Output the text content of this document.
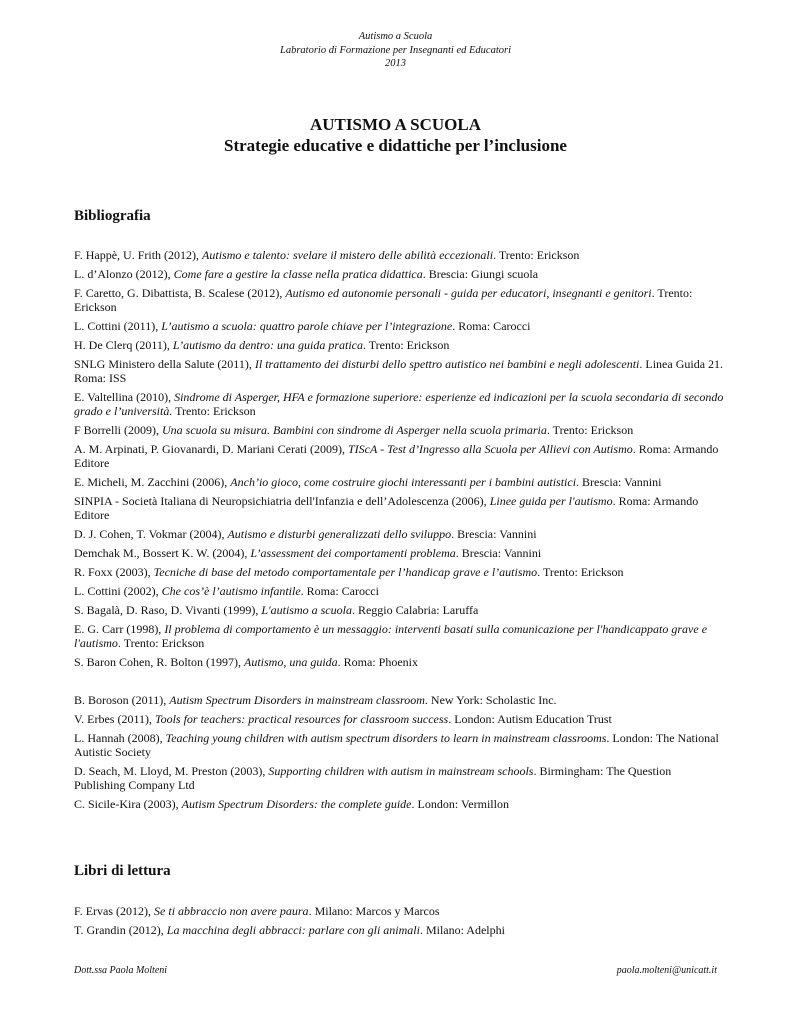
Autismo a Scuola
Labratorio di Formazione per Insegnanti ed Educatori
2013
AUTISMO A SCUOLA
Strategie educative e didattiche per l’inclusione
Bibliografia
F. Happè, U. Frith (2012), Autismo e talento: svelare il mistero delle abilità eccezionali. Trento: Erickson
L. d’Alonzo (2012), Come fare a gestire la classe nella pratica didattica. Brescia: Giungi scuola
F. Caretto, G. Dibattista, B. Scalese (2012), Autismo ed autonomie personali - guida per educatori, insegnanti e genitori. Trento: Erickson
L. Cottini (2011), L’autismo a scuola: quattro parole chiave per l’integrazione. Roma: Carocci
H. De Clerq (2011), L’autismo da dentro: una guida pratica. Trento: Erickson
SNLG Ministero della Salute (2011), Il trattamento dei disturbi dello spettro autistico nei bambini e negli adolescenti. Linea Guida 21. Roma: ISS
E. Valtellina (2010), Sindrome di Asperger, HFA e formazione superiore: esperienze ed indicazioni per la scuola secondaria di secondo grado e l’università. Trento: Erickson
F Borrelli (2009), Una scuola su misura. Bambini con sindrome di Asperger nella scuola primaria. Trento: Erickson
A. M. Arpinati, P. Giovanardi, D. Mariani Cerati (2009), TIScA - Test d’Ingresso alla Scuola per Allievi con Autismo. Roma: Armando Editore
E. Micheli, M. Zacchini (2006), Anch’io gioco, come costruire giochi interessanti per i bambini autistici. Brescia: Vannini
SINPIA - Società Italiana di Neuropsichiatria dell'Infanzia e dell’Adolescenza (2006), Linee guida per l'autismo. Roma: Armando Editore
D. J. Cohen, T. Vokmar (2004), Autismo e disturbi generalizzati dello sviluppo. Brescia: Vannini
Demchak M., Bossert K. W. (2004), L’assessment dei comportamenti problema. Brescia: Vannini
R. Foxx (2003), Tecniche di base del metodo comportamentale per l’handicap grave e l’autismo. Trento: Erickson
L. Cottini (2002), Che cos’è l’autismo infantile. Roma: Carocci
S. Bagalà, D. Raso, D. Vivanti (1999), L'autismo a scuola. Reggio Calabria: Laruffa
E. G. Carr (1998), Il problema di comportamento è un messaggio: interventi basati sulla comunicazione per l'handicappato grave e l'autismo. Trento: Erickson
S. Baron Cohen, R. Bolton (1997), Autismo, una guida. Roma: Phoenix
B. Boroson (2011), Autism Spectrum Disorders in mainstream classroom. New York: Scholastic Inc.
V. Erbes (2011), Tools for teachers: practical resources for classroom success. London: Autism Education Trust
L. Hannah (2008), Teaching young children with autism spectrum disorders to learn in mainstream classrooms. London: The National Autistic Society
D. Seach, M. Lloyd, M. Preston (2003), Supporting children with autism in mainstream schools. Birmingham: The Question Publishing Company Ltd
C. Sicile-Kira (2003), Autism Spectrum Disorders: the complete guide. London: Vermillon
Libri di lettura
F. Ervas (2012), Se ti abbraccio non avere paura. Milano: Marcos y Marcos
T. Grandin (2012), La macchina degli abbracci: parlare con gli animali. Milano: Adelphi
Dott.ssa Paola Molteni	paola.molteni@unicatt.it
